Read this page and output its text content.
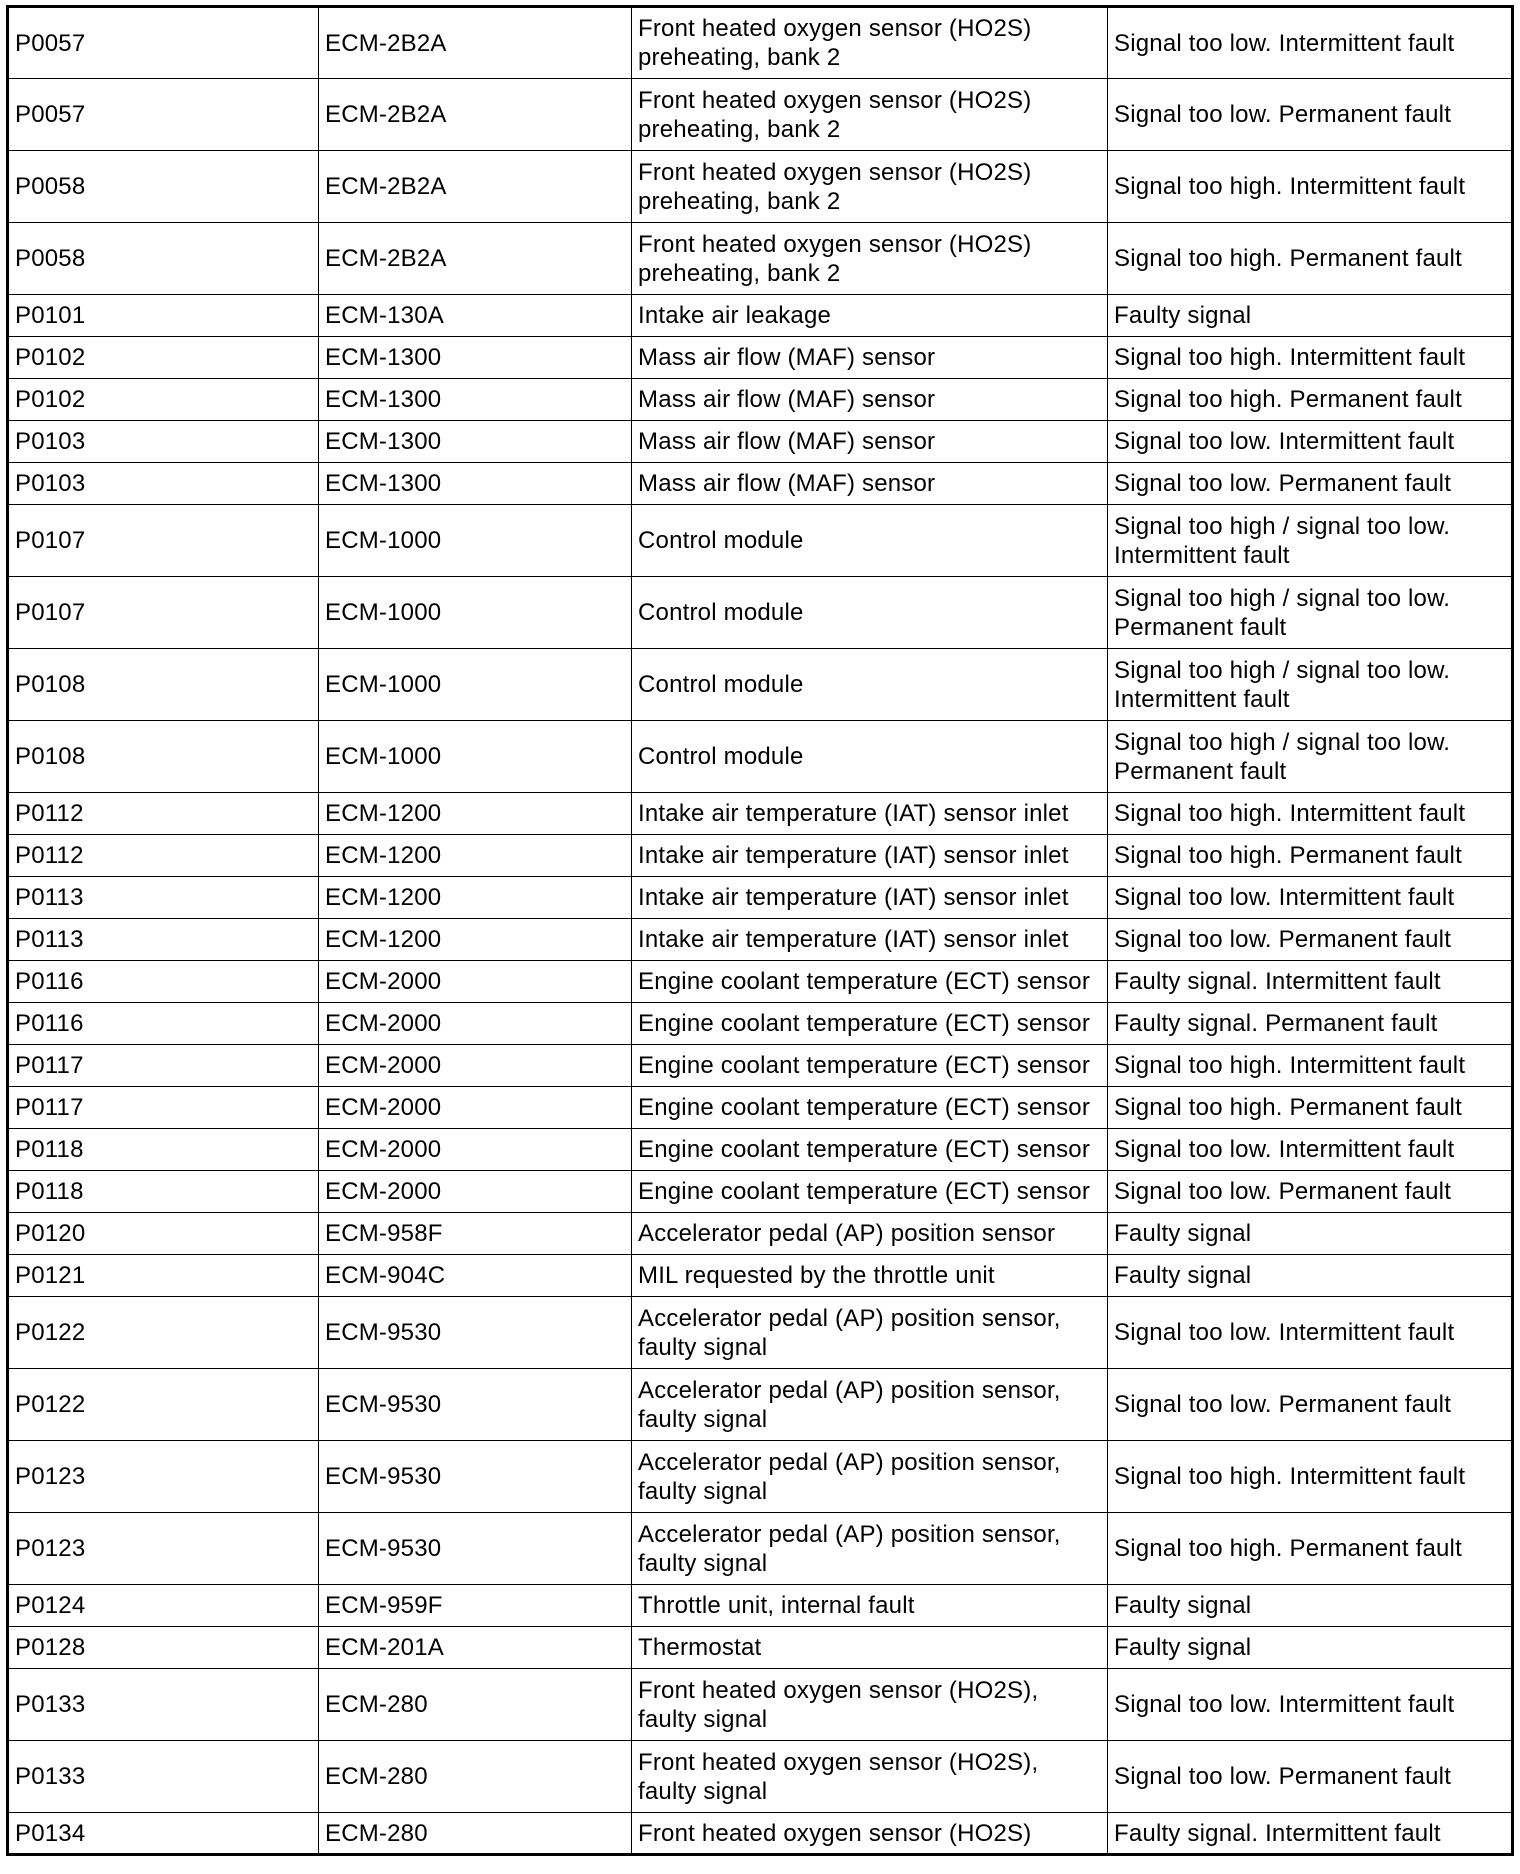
P0057	ECM-2B2A	Front heated oxygen sensor (HO2S) preheating, bank 2	Signal too low. Intermittent fault
P0057	ECM-2B2A	Front heated oxygen sensor (HO2S) preheating, bank 2	Signal too low. Permanent fault
P0058	ECM-2B2A	Front heated oxygen sensor (HO2S) preheating, bank 2	Signal too high. Intermittent fault
P0058	ECM-2B2A	Front heated oxygen sensor (HO2S) preheating, bank 2	Signal too high. Permanent fault
P0101	ECM-130A	Intake air leakage	Faulty signal
P0102	ECM-1300	Mass air flow (MAF) sensor	Signal too high. Intermittent fault
P0102	ECM-1300	Mass air flow (MAF) sensor	Signal too high. Permanent fault
P0103	ECM-1300	Mass air flow (MAF) sensor	Signal too low. Intermittent fault
P0103	ECM-1300	Mass air flow (MAF) sensor	Signal too low. Permanent fault
P0107	ECM-1000	Control module	Signal too high / signal too low. Intermittent fault
P0107	ECM-1000	Control module	Signal too high / signal too low. Permanent fault
P0108	ECM-1000	Control module	Signal too high / signal too low. Intermittent fault
P0108	ECM-1000	Control module	Signal too high / signal too low. Permanent fault
P0112	ECM-1200	Intake air temperature (IAT) sensor inlet	Signal too high. Intermittent fault
P0112	ECM-1200	Intake air temperature (IAT) sensor inlet	Signal too high. Permanent fault
P0113	ECM-1200	Intake air temperature (IAT) sensor inlet	Signal too low. Intermittent fault
P0113	ECM-1200	Intake air temperature (IAT) sensor inlet	Signal too low. Permanent fault
P0116	ECM-2000	Engine coolant temperature (ECT) sensor	Faulty signal. Intermittent fault
P0116	ECM-2000	Engine coolant temperature (ECT) sensor	Faulty signal. Permanent fault
P0117	ECM-2000	Engine coolant temperature (ECT) sensor	Signal too high. Intermittent fault
P0117	ECM-2000	Engine coolant temperature (ECT) sensor	Signal too high. Permanent fault
P0118	ECM-2000	Engine coolant temperature (ECT) sensor	Signal too low. Intermittent fault
P0118	ECM-2000	Engine coolant temperature (ECT) sensor	Signal too low. Permanent fault
P0120	ECM-958F	Accelerator pedal (AP) position sensor	Faulty signal
P0121	ECM-904C	MIL requested by the throttle unit	Faulty signal
P0122	ECM-9530	Accelerator pedal (AP) position sensor, faulty signal	Signal too low. Intermittent fault
P0122	ECM-9530	Accelerator pedal (AP) position sensor, faulty signal	Signal too low. Permanent fault
P0123	ECM-9530	Accelerator pedal (AP) position sensor, faulty signal	Signal too high. Intermittent fault
P0123	ECM-9530	Accelerator pedal (AP) position sensor, faulty signal	Signal too high. Permanent fault
P0124	ECM-959F	Throttle unit, internal fault	Faulty signal
P0128	ECM-201A	Thermostat	Faulty signal
P0133	ECM-280	Front heated oxygen sensor (HO2S), faulty signal	Signal too low. Intermittent fault
P0133	ECM-280	Front heated oxygen sensor (HO2S), faulty signal	Signal too low. Permanent fault
P0134	ECM-280	Front heated oxygen sensor (HO2S)	Faulty signal. Intermittent fault
